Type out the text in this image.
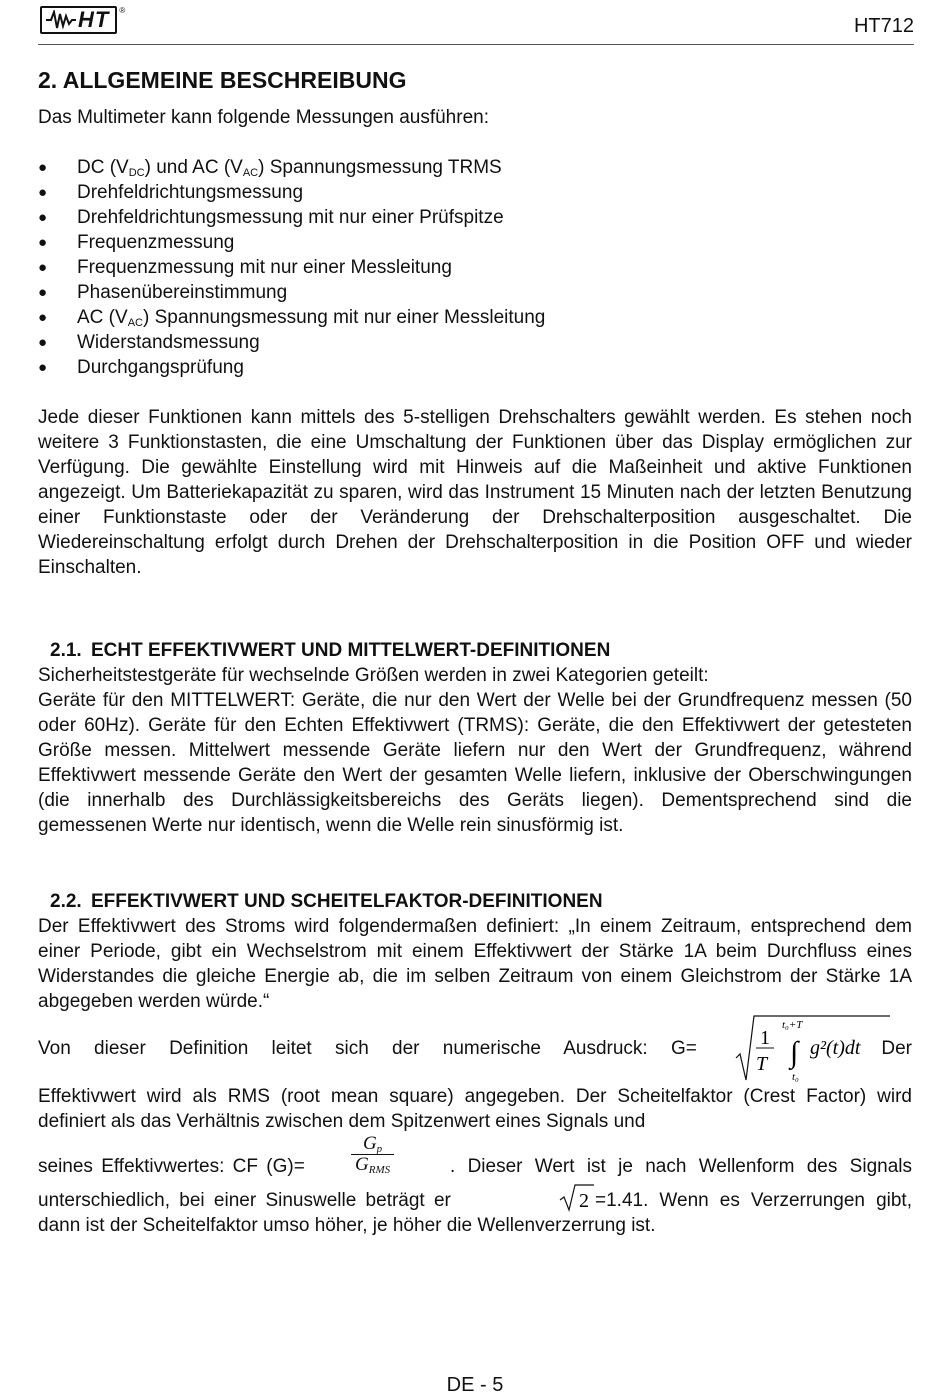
HT ®
HT712
2. ALLGEMEINE BESCHREIBUNG

Das Multimeter kann folgende Messungen ausführen:

● DC $(V_{DC})$ und AC $(V_{AC})$ Spannungsmessung TRMS
● Drehfeldrichtungsmessung
● Drehfeldrichtungsmessung mit nur einer Prüfspitze
● Frequenzmessung
● Frequenzmessung mit nur einer Messleitung
● Phasenübereinstimmung
● AC $(V_{AC})$ Spannungsmessung mit nur einer Messleitung
● Widerstandsmessung
● Durchgangsprüfung

Jede dieser Funktionen kann mittels des 5-stelligen Drehschalters gewählt werden. Es stehen noch weitere 3 Funktionstasten, die eine Umschaltung der Funktionen über das Display ermöglichen zur Verfügung. Die gewählte Einstellung wird mit Hinweis auf die Maßeinheit und aktive Funktionen angezeigt. Um Batteriekapazität zu sparen, wird das Instrument 15 Minuten nach der letzten Benutzung einer Funktionstaste oder der Veränderung der Drehschalterposition ausgeschaltet. Die Wiedereinschaltung erfolgt durch Drehen der Drehschalterposition in die Position OFF und wieder Einschalten.

2.1. ECHT EFFEKTIVWERT UND MITTELWERT-DEFINITIONEN

Sicherheitstestgeräte für wechselnde Größen werden in zwei Kategorien geteilt:

Geräte für den MITTELWERT: Geräte, die nur den Wert der Welle bei der Grundfrequenz messen (50 oder 60Hz). Geräte für den Echten Effektivwert (TRMS): Geräte, die den Effektivwert der getesteten Größe messen. Mittelwert messende Geräte liefern nur den Wert der Grundfrequenz, während Effektivwert messende Geräte den Wert der gesamten Welle liefern, inklusive der Oberschwingungen (die innerhalb des Durchlässigkeitsbereichs des Geräts liegen). Dementsprechend sind die gemessenen Werte nur identisch, wenn die Welle rein sinusförmig ist.

2.2. EFFEKTIVWERT UND SCHEITELFAKTOR-DEFINITIONEN

Der Effektivwert des Stroms wird folgendermaßen definiert: „In einem Zeitraum, entsprechend dem einer Periode, gibt ein Wechselstrom mit einem Effektivwert der Stärke 1A beim Durchfluss eines Widerstandes die gleiche Energie ab, die im selben Zeitraum von einem Gleichstrom der Stärke 1A abgegeben werden würde.“

Von dieser Definition leitet sich der numerische Ausdruck: G=	1
T ∫
t₀+T
t₀
g²(t)dt Der

Effektivwert wird als RMS (root mean square) angegeben. Der Scheitelfaktor (Crest Factor) wird definiert als das Verhältnis zwischen dem Spitzenwert eines Signals und

seines Effektivwertes: CF (G)=
$G_p$
$G_{RMS}$	. Dieser Wert ist je nach Wellenform des Signals
unterschiedlich, bei einer Sinuswelle beträgt er	2 =1.41. Wenn es Verzerrungen gibt,

dann ist der Scheitelfaktor umso höher, je höher die Wellenverzerrung ist.

DE - 5
